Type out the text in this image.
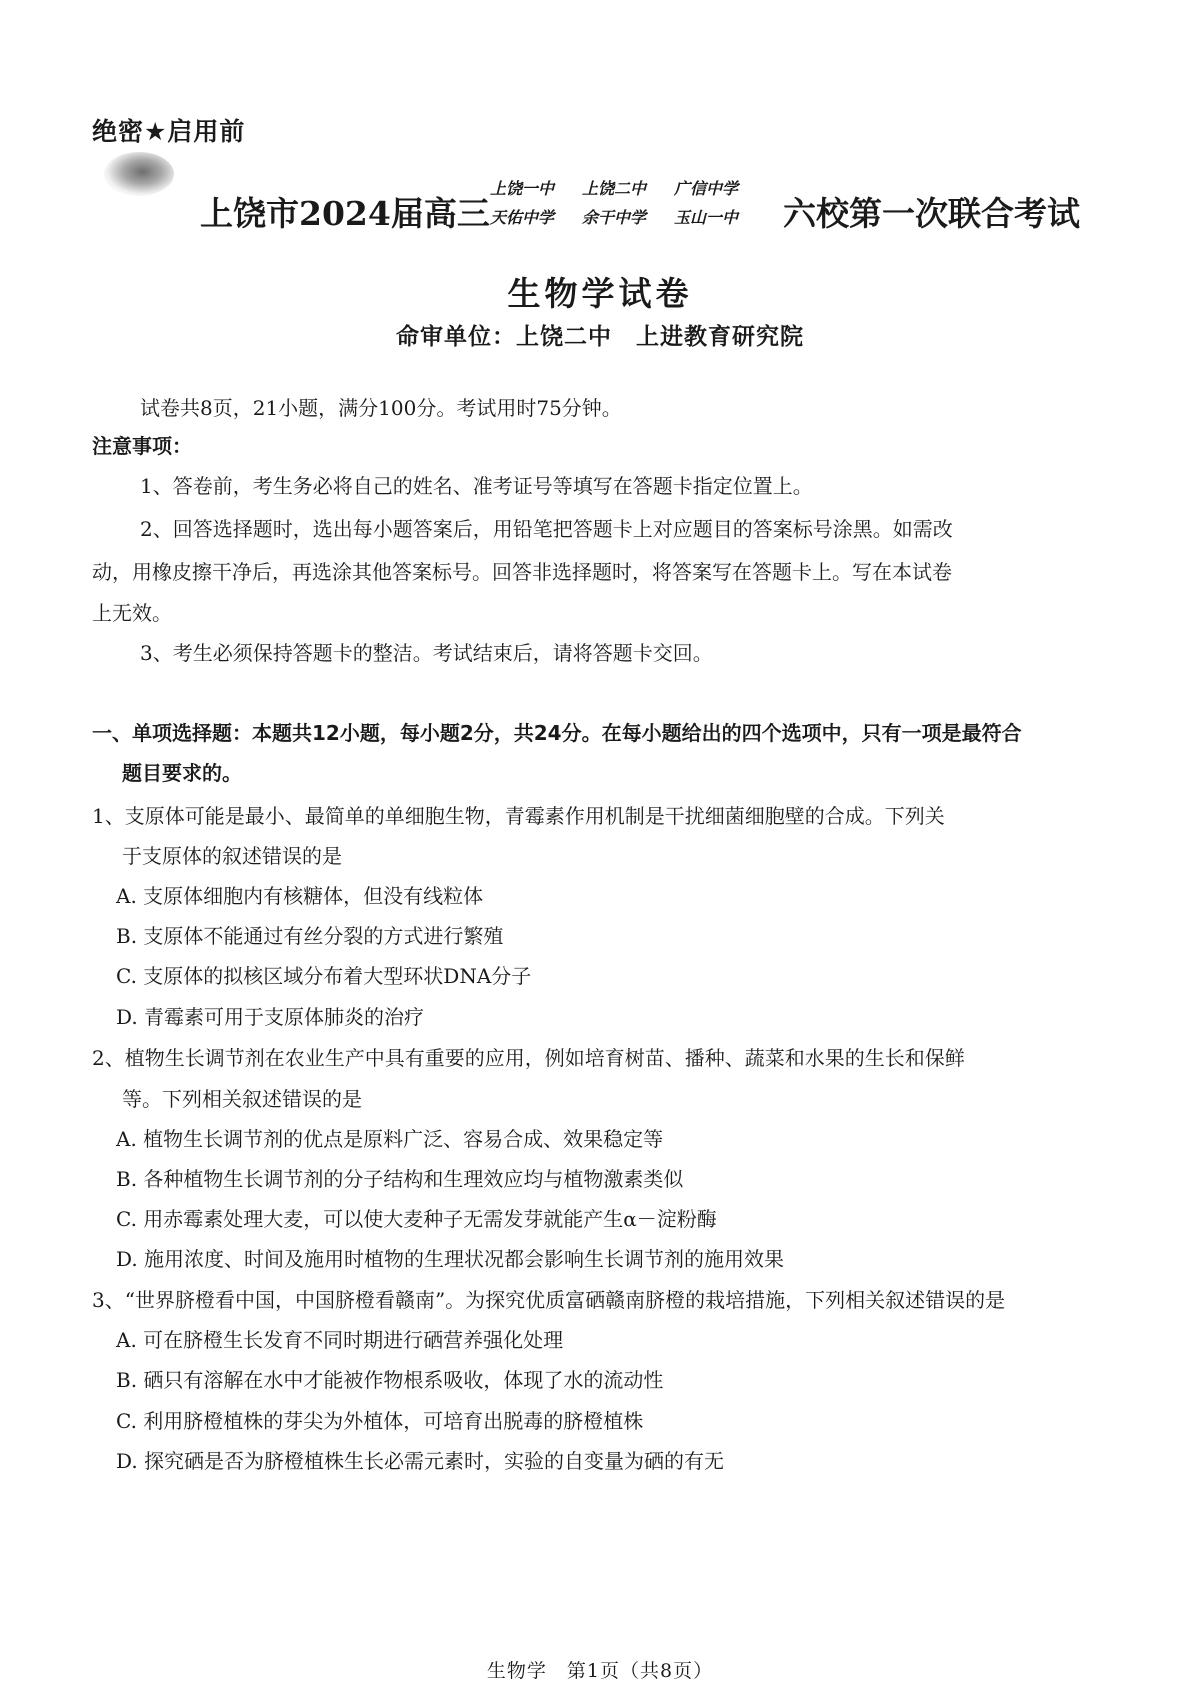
绝密★启用前
上饶市2024届高三
上饶一中	上饶二中	广信中学
天佑中学	余干中学	玉山一中	六校第一次联合考试
生物学试卷
命审单位：上饶二中　上进教育研究院
试卷共8页，21小题，满分100分。考试用时75分钟。
注意事项：
1、答卷前，考生务必将自己的姓名、准考证号等填写在答题卡指定位置上。
2、回答选择题时，选出每小题答案后，用铅笔把答题卡上对应题目的答案标号涂黑。如需改
动，用橡皮擦干净后，再选涂其他答案标号。回答非选择题时，将答案写在答题卡上。写在本试卷
上无效。
3、考生必须保持答题卡的整洁。考试结束后，请将答题卡交回。
一、单项选择题：本题共12小题，每小题2分，共24分。在每小题给出的四个选项中，只有一项是最符合
题目要求的。
1、支原体可能是最小、最简单的单细胞生物，青霉素作用机制是干扰细菌细胞壁的合成。下列关
于支原体的叙述错误的是
A. 支原体细胞内有核糖体，但没有线粒体
B. 支原体不能通过有丝分裂的方式进行繁殖
C. 支原体的拟核区域分布着大型环状DNA分子
D. 青霉素可用于支原体肺炎的治疗
2、植物生长调节剂在农业生产中具有重要的应用，例如培育树苗、播种、蔬菜和水果的生长和保鲜
等。下列相关叙述错误的是
A. 植物生长调节剂的优点是原料广泛、容易合成、效果稳定等
B. 各种植物生长调节剂的分子结构和生理效应均与植物激素类似
C. 用赤霉素处理大麦，可以使大麦种子无需发芽就能产生α－淀粉酶
D. 施用浓度、时间及施用时植物的生理状况都会影响生长调节剂的施用效果
3、“世界脐橙看中国，中国脐橙看赣南”。为探究优质富硒赣南脐橙的栽培措施，下列相关叙述错误的是
A. 可在脐橙生长发育不同时期进行硒营养强化处理
B. 硒只有溶解在水中才能被作物根系吸收，体现了水的流动性
C. 利用脐橙植株的芽尖为外植体，可培育出脱毒的脐橙植株
D. 探究硒是否为脐橙植株生长必需元素时，实验的自变量为硒的有无
生物学　第1页（共8页）
